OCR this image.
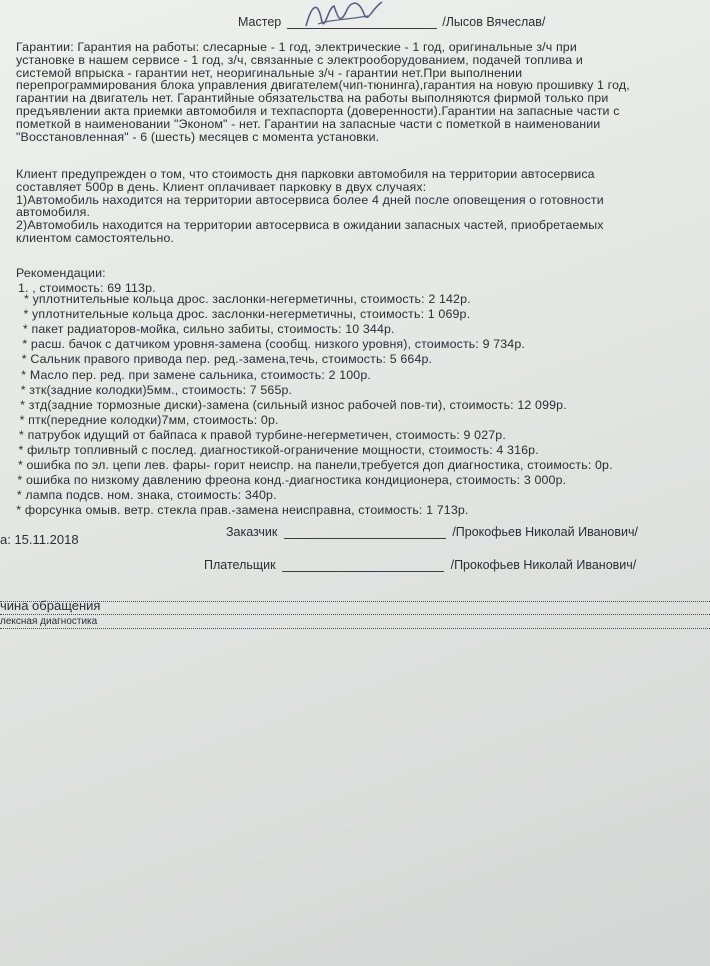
Мастер	/Лысов Вячеслав/
Гарантии: Гарантия на работы: слесарные - 1 год, электрические - 1 год, оригинальные з/ч при
установке в нашем сервисе - 1 год, з/ч, связанные с электрооборудованием, подачей топлива и
системой впрыска - гарантии нет, неоригинальные з/ч - гарантии нет.При выполнении
перепрограммирования блока управления двигателем(чип-тюнинга),гарантия на новую прошивку 1 год,
гарантии на двигатель нет. Гарантийные обязательства на работы выполняются фирмой только при
предъявлении акта приемки автомобиля и техпаспорта (доверенности).Гарантии на запасные части с
пометкой в наименовании "Эконом" - нет. Гарантии на запасные части с пометкой в наименовании
"Восстановленная" - 6 (шесть) месяцев с момента установки.
Клиент предупрежден о том, что стоимость дня парковки автомобиля на территории автосервиса
составляет 500р в день. Клиент оплачивает парковку в двух случаях:
1)Автомобиль находится на территории автосервиса более 4 дней после оповещения о готовности
автомобиля.
2)Автомобиль находится на территории автосервиса в ожидании запасных частей, приобретаемых
клиентом самостоятельно.
Рекомендации:
1. , стоимость: 69 113р.
* уплотнительные кольца дрос. заслонки-негерметичны, стоимость: 2 142р.
* уплотнительные кольца дрос. заслонки-негерметичны, стоимость: 1 069р.
* пакет радиаторов-мойка, сильно забиты, стоимость: 10 344р.
* расш. бачок с датчиком уровня-замена (сообщ. низкого уровня), стоимость: 9 734р.
* Сальник правого привода пер. ред.-замена,течь, стоимость: 5 664р.
* Масло пер. ред. при замене сальника, стоимость: 2 100р.
* зтк(задние колодки)5мм., стоимость: 7 565р.
* зтд(задние тормозные диски)-замена (сильный износ рабочей пов-ти), стоимость: 12 099р.
* птк(передние колодки)7мм, стоимость: 0р.
* патрубок идущий от байпаса к правой турбине-негерметичен, стоимость: 9 027р.
* фильтр топливный с послед. диагностикой-ограничение мощности, стоимость: 4 316р.
* ошибка по эл. цепи лев. фары- горит неиспр. на панели,требуется доп диагностика, стоимость: 0р.
* ошибка по низкому давлению фреона конд.-диагностика кондиционера, стоимость: 3 000р.
* лампа подсв. ном. знака, стоимость: 340р.
* форсунка омыв. ветр. стекла прав.-замена неисправна, стоимость: 1 713р.
а: 15.11.2018	Заказчик	/Прокофьев Николай Иванович/
Плательщик	/Прокофьев Николай Иванович/
чина обращения
лексная диагностика
